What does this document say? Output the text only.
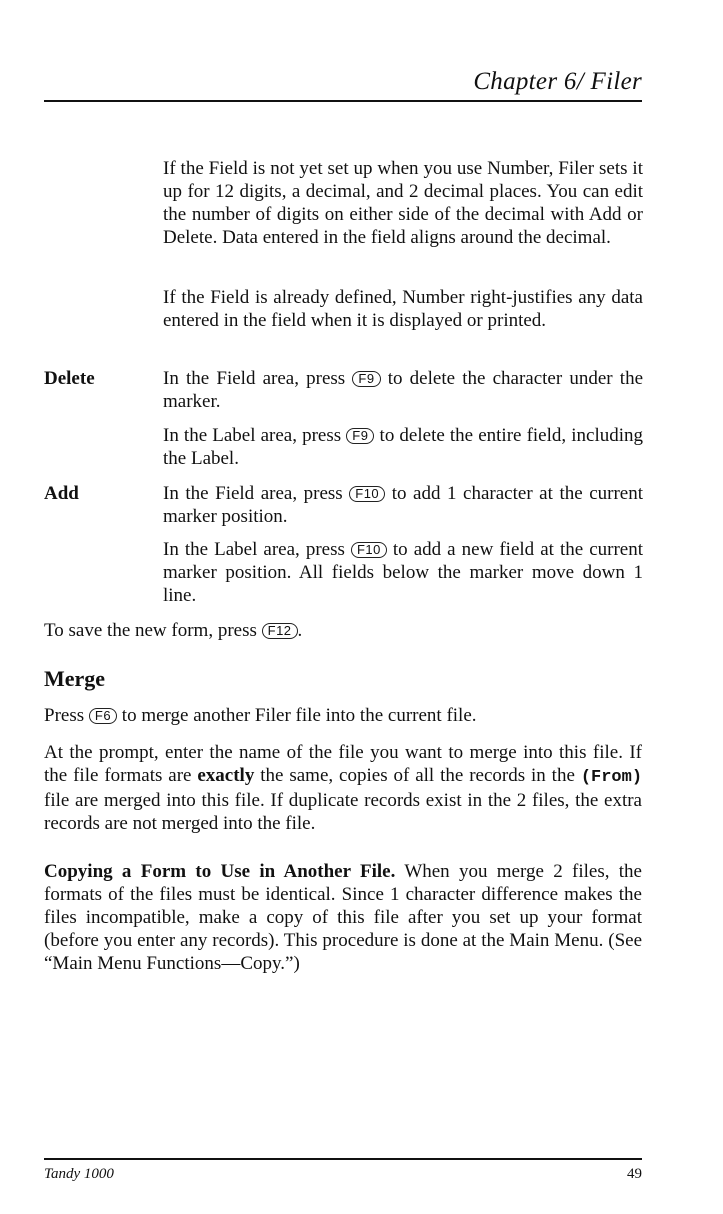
Chapter 6/ Filer

If the Field is not yet set up when you use Number, Filer sets it up for 12 digits, a decimal, and 2 decimal places. You can edit the number of digits on either side of the decimal with Add or Delete. Data entered in the field aligns around the decimal.

If the Field is already defined, Number right-justifies any data entered in the field when it is displayed or printed.

Delete	In the Field area, press F9 to delete the character under the marker.

In the Label area, press F9 to delete the entire field, including the Label.

Add	In the Field area, press F10 to add 1 character at the current marker position.

In the Label area, press F10 to add a new field at the current marker position. All fields below the marker move down 1 line.

To save the new form, press F12 .

Merge

Press F6 to merge another Filer file into the current file.

At the prompt, enter the name of the file you want to merge into this file. If the file formats are exactly the same, copies of all the records in the (From) file are merged into this file. If duplicate records exist in the 2 files, the extra records are not merged into the file.

Copying a Form to Use in Another File. When you merge 2 files, the formats of the files must be identical. Since 1 character difference makes the files incompatible, make a copy of this file after you set up your format (before you enter any records). This procedure is done at the Main Menu. (See “Main Menu Functions—Copy.”)

Tandy 1000	49
